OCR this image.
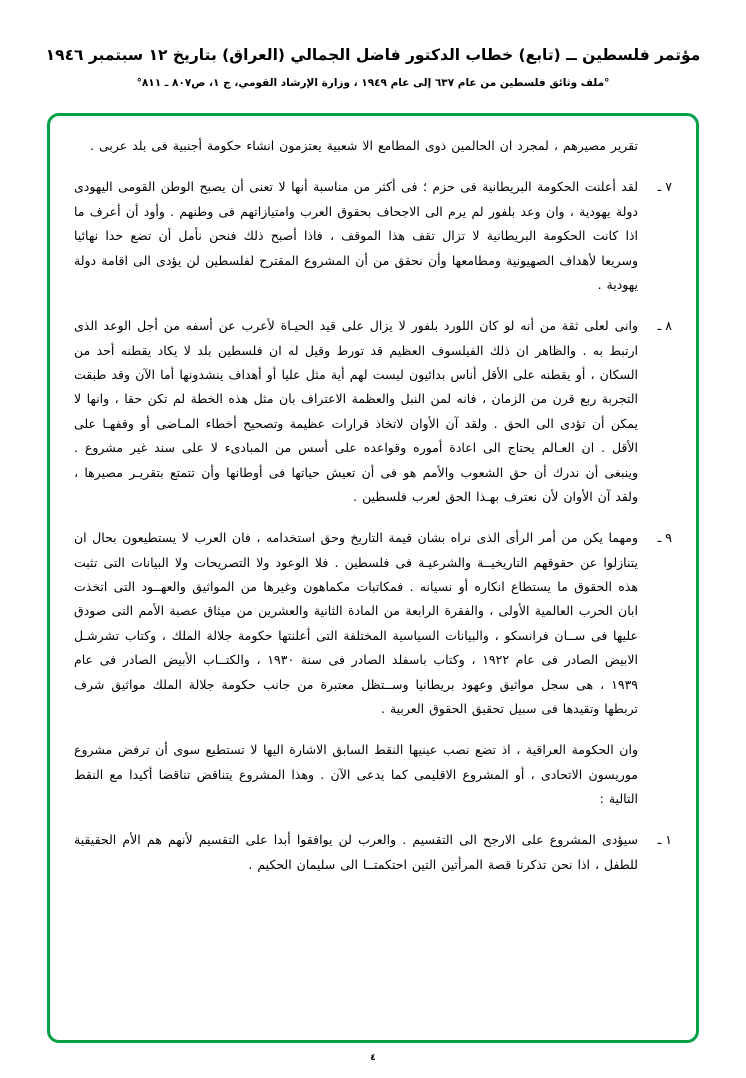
مؤتمر فلسطين ــ (تابع) خطاب الدكتور فاضل الجمالي (العراق) بتاريخ ١٢ سبتمبر ١٩٤٦
°ملف وثائق فلسطين من عام ٦٣٧ إلى عام ١٩٤٩ ، وزارة الإرشاد القومي، ج ١، ص٨٠٧ ـ ٨١١°
تقرير مصيرهم ، لمجرد ان الحالمين ذوى المطامع الا شعبية يعتزمون انشاء حكومة أجنبية فى بلد عربى .
٧ ـ
لقد أعلنت الحكومة البريطانية فى حزم ؛ فى أكثر من مناسبة أنها لا تعنى أن يصبح الوطن القومى اليهودى دولة يهودية ، وان وعد بلفور لم يرم الى الاجحاف بحقوق العرب وامتيازاتهم فى وطنهم . وأود أن أعرف ما اذا كانت الحكومة البريطانية لا تزال تقف هذا الموقف ، فاذا أصبح ذلك فنحن نأمل أن تضع حدا نهائيا وسريعا لأهداف الصهيونية ومطامعها وأن نحقق من أن المشروع المقترح لفلسطين لن يؤدى الى اقامة دولة يهودية .
٨ ـ
وانى لعلى ثقة من أنه لو كان اللورد بلفور لا يزال على قيد الحيـاة لأعرب عن أسفه من أجل الوعد الذى ارتبط به . والظاهر ان ذلك الفيلسوف العظيم قد تورط وقيل له ان فلسطين بلد لا يكاد يقطنه أحد من السكان ، أو يقطنه على الأقل أناس بدائيون ليست لهم أية مثل عليا أو أهداف ينشدونها أما الآن وقد طبقت التجربة ربع قرن من الزمان ، فانه لمن النبل والعظمة الاعتراف بان مثل هذه الخطة لم تكن حقا ، وانها لا يمكن أن تؤدى الى الحق . ولقد آن الأوان لاتخاذ قرارات عظيمة وتصحيح أخطاء المـاضى أو وقفهـا على الأقل . ان العـالم يحتاج الى اعادة أموره وقواعده على أسس من المبادىء لا على سند غير مشروع . وينبغى أن ندرك أن حق الشعوب والأمم هو فى أن تعيش حياتها فى أوطانها وأن تتمتع بتقريـر مصيرها ، ولقد آن الأوان لأن نعترف بهـذا الحق لعرب فلسطين .
٩ ـ
ومهما يكن من أمر الرأى الذى نراه بشان قيمة التاريخ وحق استخدامه ، فان العرب لا يستطيعون بحال ان يتنازلوا عن حقوقهم التاريخيــة والشرعيـة فى فلسطين . فلا الوعود ولا التصريحات ولا البيانات التى تثبت هذه الحقوق ما يستطاع انكاره أو نسيانه . فمكاتبات مكماهون وغيرها من المواثيق والعهــود التى اتخذت ابان الحرب العالمية الأولى ، والفقرة الرابعة من المادة الثانية والعشرين من ميثاق عصبة الأمم التى صودق عليها فى ســان فرانسكو ، والبيانات السياسية المختلفة التى أعلنتها حكومة جلالة الملك ، وكتاب تشرشـل الابيض الصادر فى عام ١٩٢٢ ، وكتاب باسفلد الصادر فى سنة ١٩٣٠ ، والكتــاب الأبيض الصادر فى عام ١٩٣٩ ، هى سجل مواثيق وعهود بريطانيا وســتظل معتبرة من جانب حكومة جلالة الملك مواثيق شرف تربطها وتقيدها فى سبيل تحقيق الحقوق العربية .
وان الحكومة العراقية ، اذ تضع نصب عينيها النقط السابق الاشارة اليها لا تستطيع سوى أن ترفض مشروع موريسون الاتحادى ، أو المشروع الاقليمى كما يدعى الآن . وهذا المشروع يتناقض تناقضا أكيدا مع النقط التالية :
١ ـ
سيؤدى المشروع على الارجح الى التقسيم . والعرب لن يوافقوا أبدا على التقسيم لأنهم هم الأم الحقيقية للطفل ، اذا نحن تذكرنا قصة المرأتين التين احتكمتــا الى سليمان الحكيم .
٤
